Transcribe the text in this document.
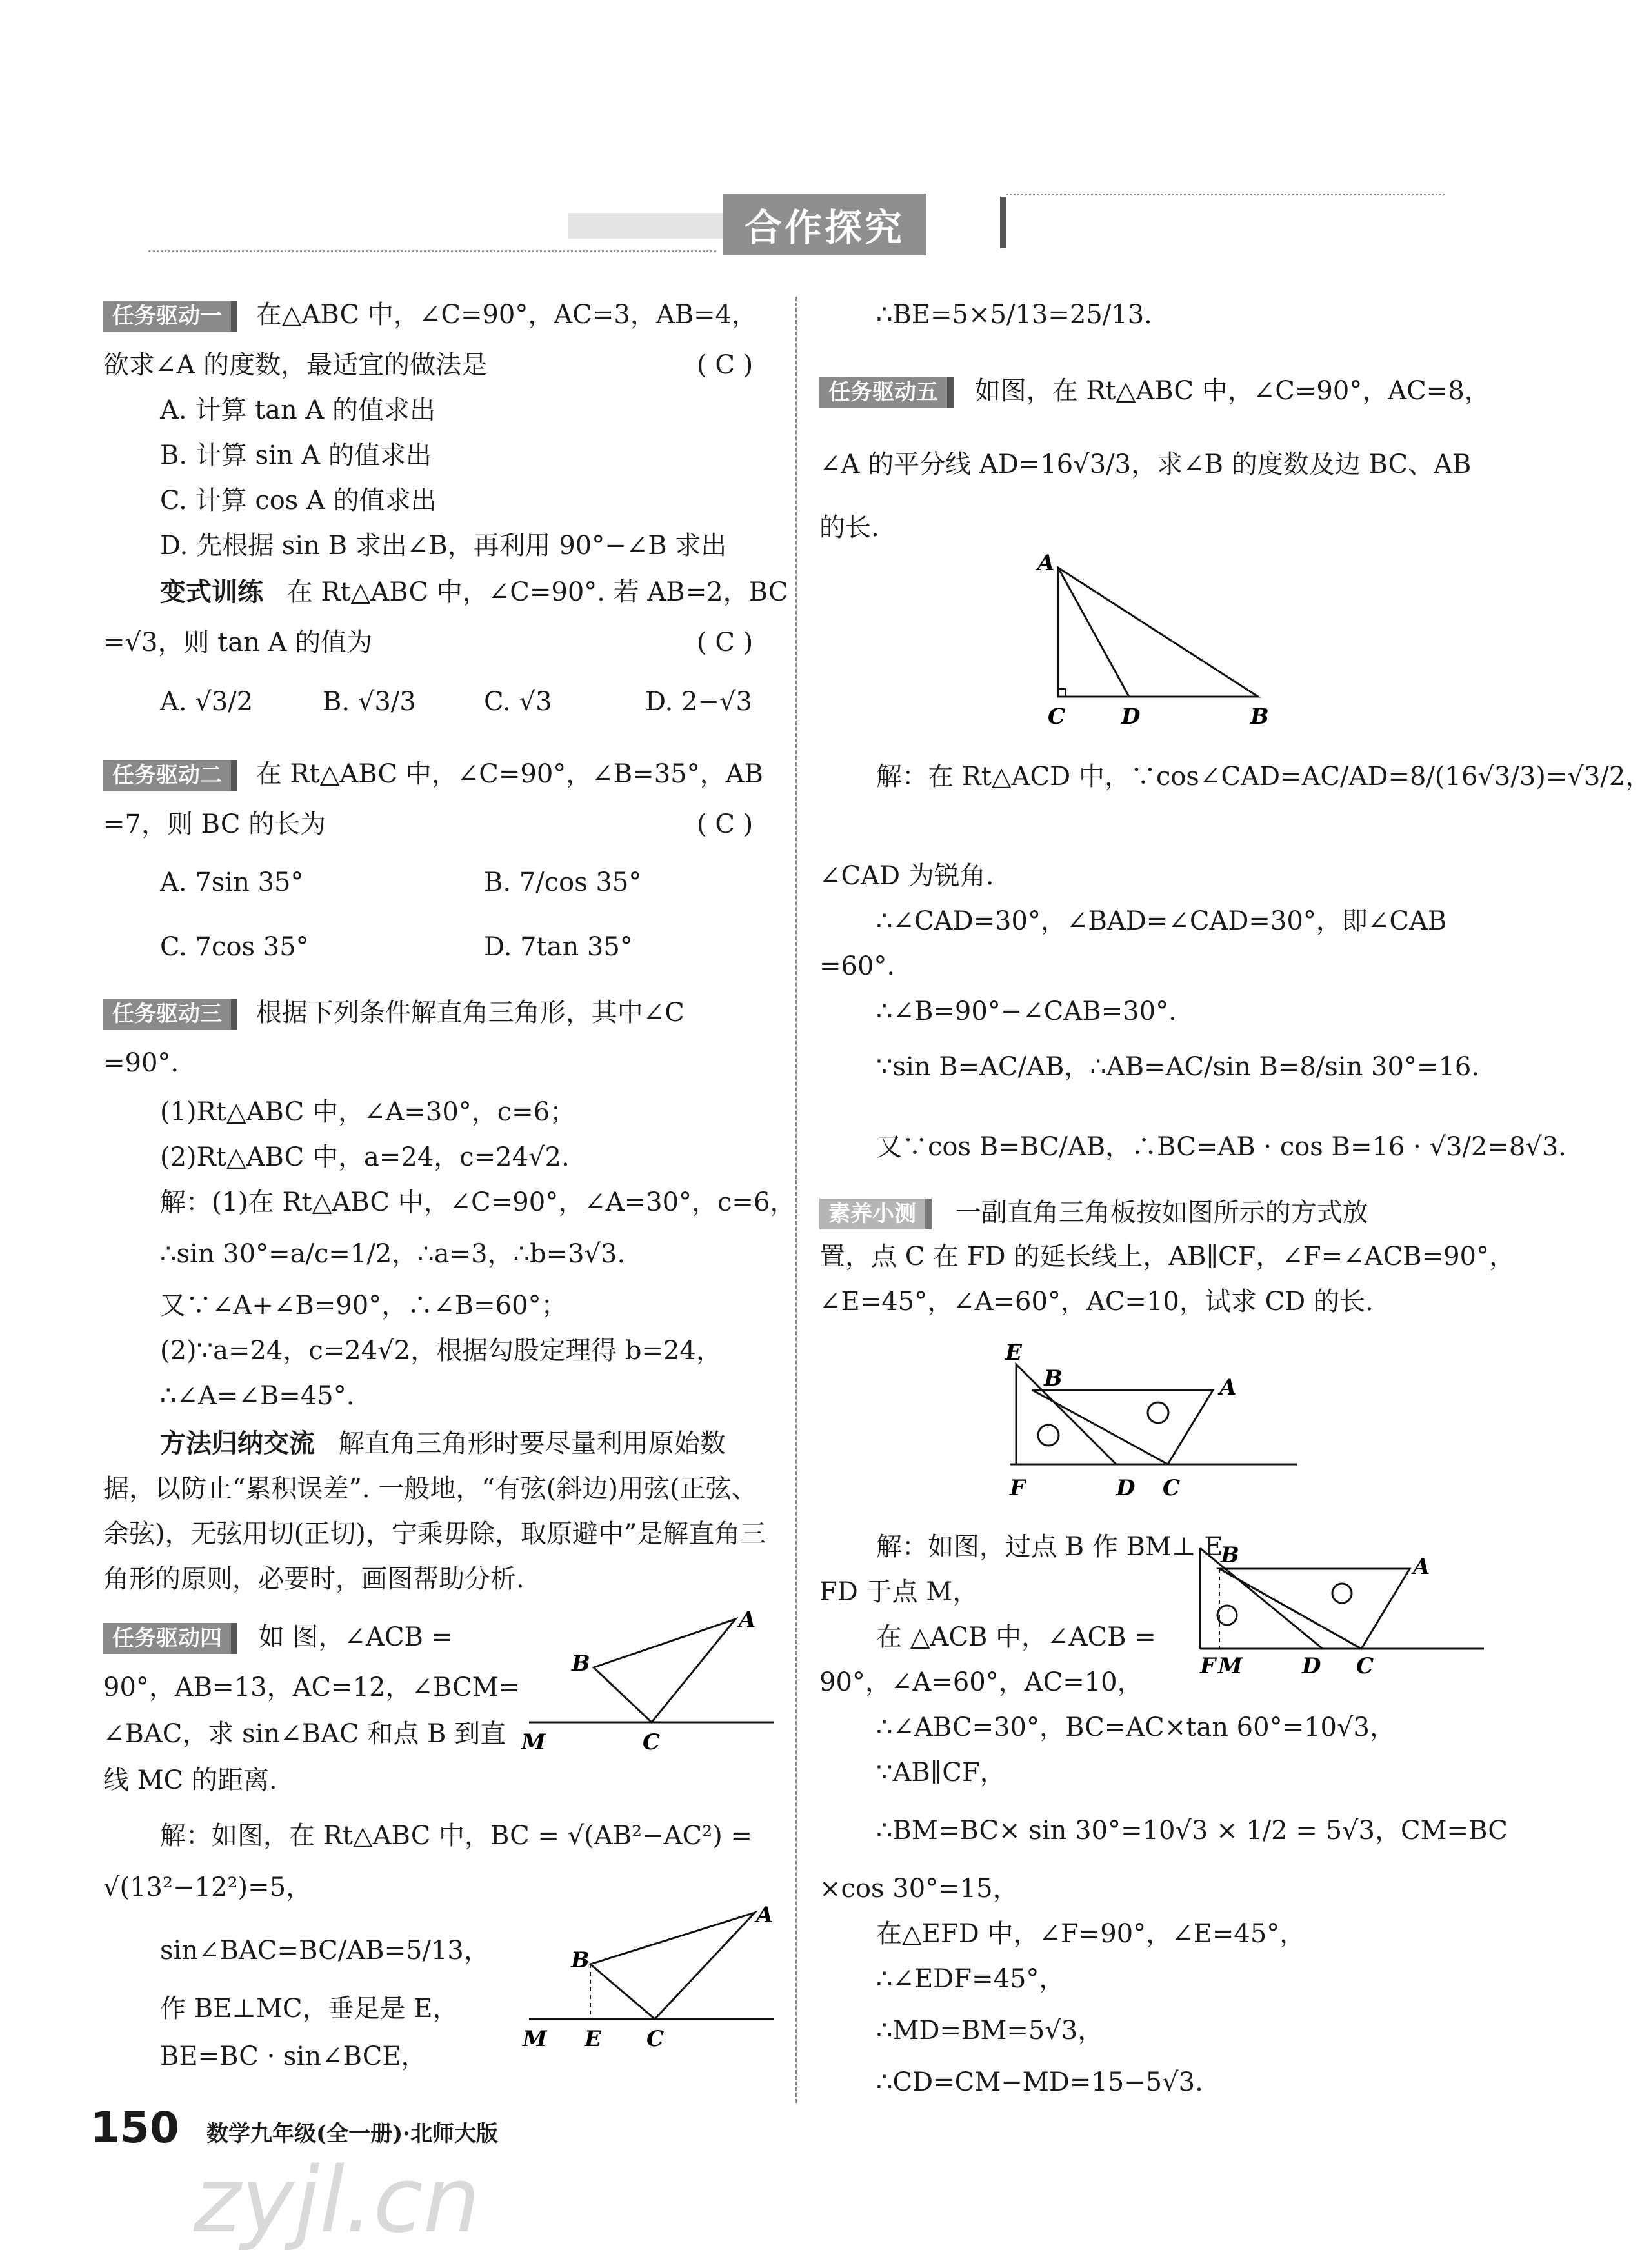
合作探究
任务驱动一 在△ABC 中，∠C=90°，AC=3，AB=4，
欲求∠A 的度数，最适宜的做法是	( C )
A. 计算 tan A 的值求出
B. 计算 sin A 的值求出
C. 计算 cos A 的值求出
D. 先根据 sin B 求出∠B，再利用 90°−∠B 求出
变式训练 在 Rt△ABC 中，∠C=90°. 若 AB=2，BC
=√3，则 tan A 的值为	( C )
A. √3/2	B. √3/3	C. √3	D. 2−√3
任务驱动二 在 Rt△ABC 中，∠C=90°，∠B=35°，AB
=7，则 BC 的长为	( C )
A. 7sin 35°	B. 7/cos 35°
C. 7cos 35°	D. 7tan 35°
任务驱动三 根据下列条件解直角三角形，其中∠C
=90°.
(1)Rt△ABC 中，∠A=30°，c=6；
(2)Rt△ABC 中，a=24，c=24√2.
解：(1)在 Rt△ABC 中，∠C=90°，∠A=30°，c=6，
∴sin 30°=a/c=1/2，∴a=3，∴b=3√3.
又∵∠A+∠B=90°，∴∠B=60°；
(2)∵a=24，c=24√2，根据勾股定理得 b=24，
∴∠A=∠B=45°.
方法归纳交流 解直角三角形时要尽量利用原始数
据，以防止“累积误差”. 一般地，“有弦(斜边)用弦(正弦、
余弦)，无弦用切(正切)，宁乘毋除，取原避中”是解直角三
角形的原则，必要时，画图帮助分析.
任务驱动四 如 图，∠ACB =
90°，AB=13，AC=12，∠BCM=
∠BAC，求 sin∠BAC 和点 B 到直
线 MC 的距离.
解：如图，在 Rt△ABC 中，BC = √(AB²−AC²) =
√(13²−12²)=5，
sin∠BAC=BC/AB=5/13，
作 BE⊥MC，垂足是 E，
BE=BC · sin∠BCE，
A
B
C
M
A
B
C
E
M
∴BE=5×5/13=25/13.
任务驱动五 如图，在 Rt△ABC 中，∠C=90°，AC=8，
∠A 的平分线 AD=16√3/3，求∠B 的度数及边 BC、AB
的长.
解：在 Rt△ACD 中，∵cos∠CAD=AC/AD=8/(16√3/3)=√3/2，
∠CAD 为锐角.
∴∠CAD=30°，∠BAD=∠CAD=30°，即∠CAB
=60°.
∴∠B=90°−∠CAB=30°.
∵sin B=AC/AB，∴AB=AC/sin B=8/sin 30°=16.
又∵cos B=BC/AB，∴BC=AB · cos B=16 · √3/2=8√3.
素养小测 一副直角三角板按如图所示的方式放
置，点 C 在 FD 的延长线上，AB∥CF，∠F=∠ACB=90°，
∠E=45°，∠A=60°，AC=10，试求 CD 的长.
解：如图，过点 B 作 BM⊥ E
FD 于点 M，
在 △ACB 中，∠ACB =
90°，∠A=60°，AC=10，
∴∠ABC=30°，BC=AC×tan 60°=10√3，
∵AB∥CF，
∴BM=BC× sin 30°=10√3 × 1/2 = 5√3，CM=BC
×cos 30°=15，
在△EFD 中，∠F=90°，∠E=45°，
∴∠EDF=45°，
∴MD=BM=5√3，
∴CD=CM−MD=15−5√3.
A
C	D	B
E
B	A
F	D C
B	A
F M	D C
150 数学九年级(全一册)·北师大版
zyjl.cn
